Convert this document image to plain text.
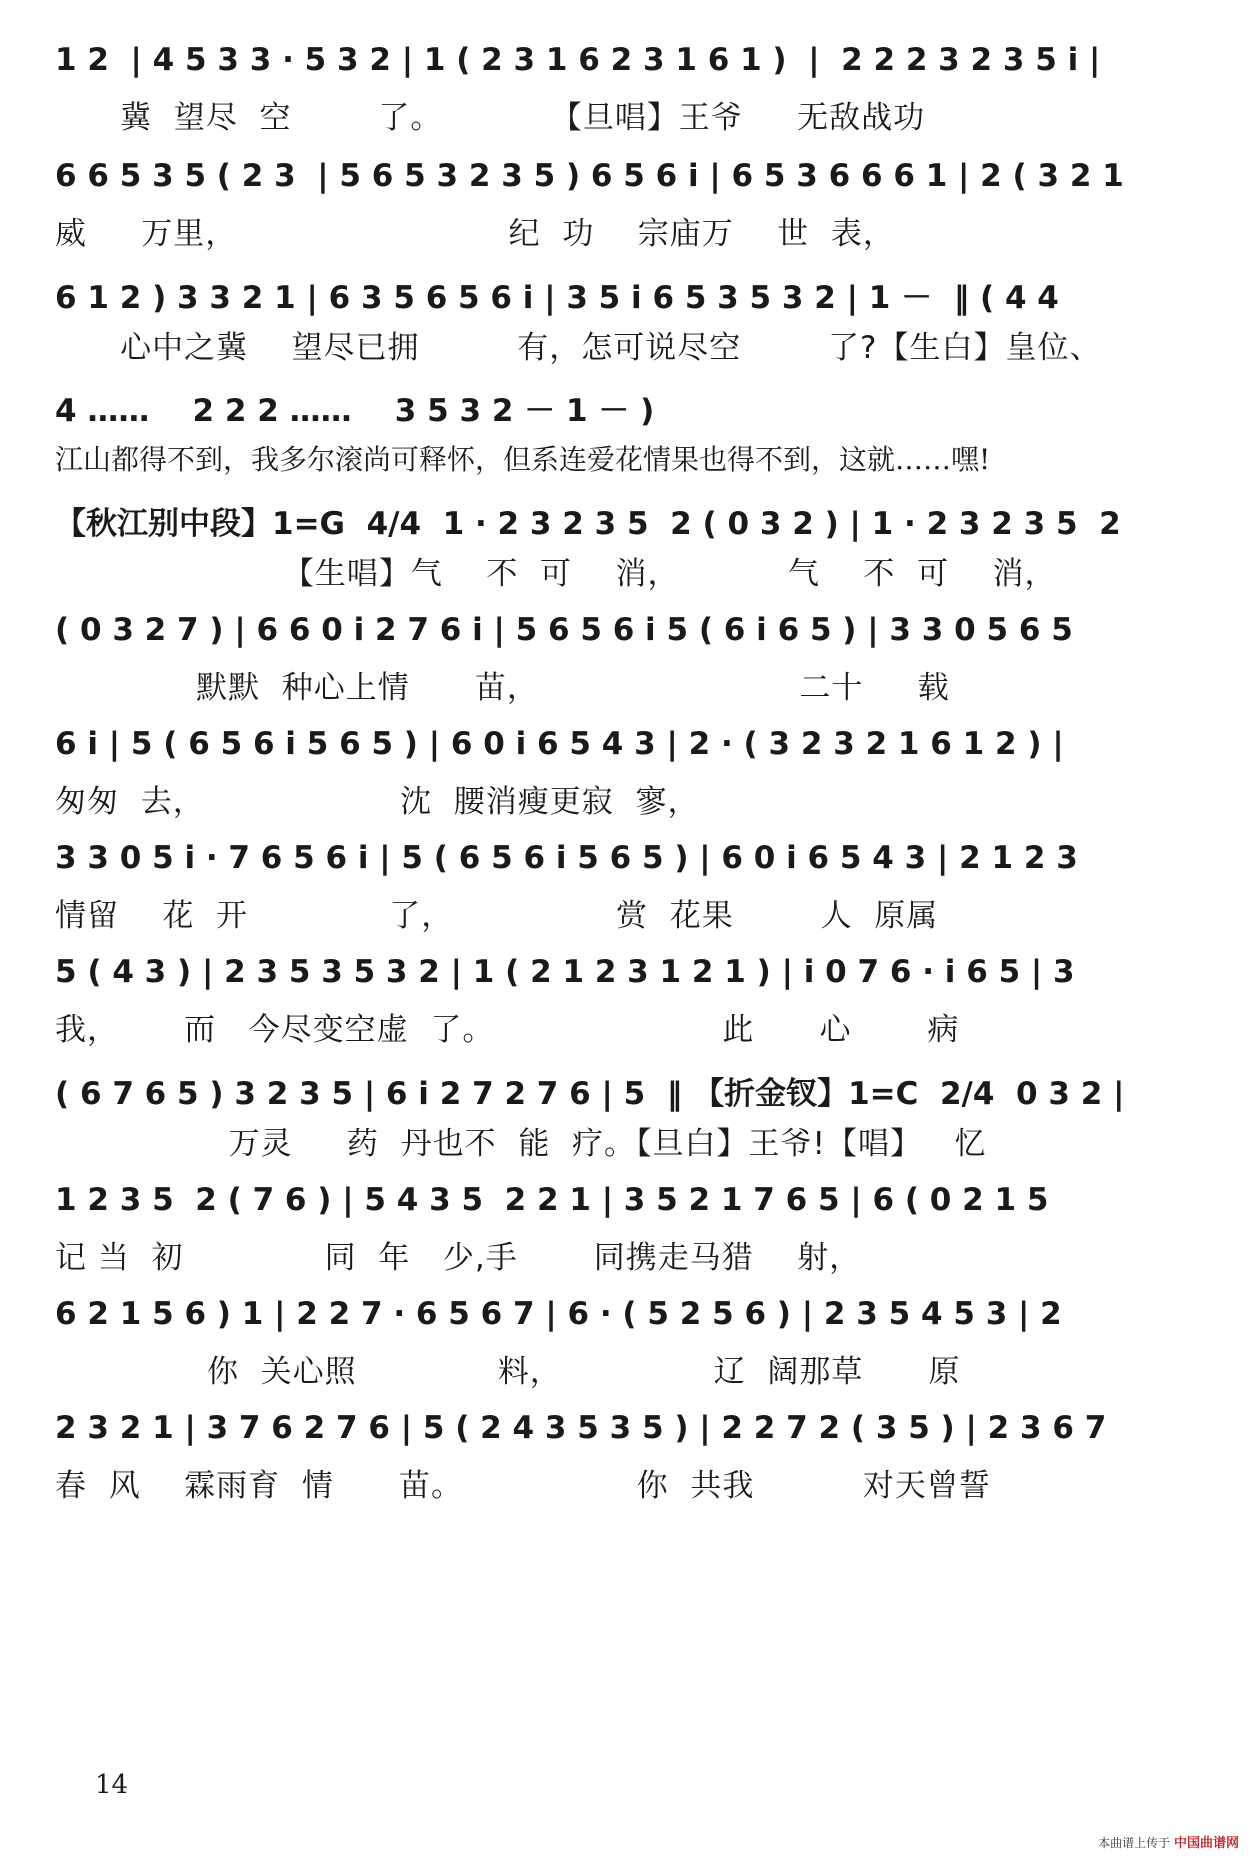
1 2  | 4 5 3 3 · 5 3 2 | 1 ( 2 3 1 6 2 3 1 6 1 )  |  2 2 2 3 2 3 5 i |
冀  望尽  空        了。          【旦唱】王爷     无敌战功
6 6 5 3 5 ( 2 3  | 5 6 5 3 2 3 5 ) 6 5 6 i | 6 5 3 6 6 6 1 | 2 ( 3 2 1
威     万里，                         纪  功    宗庙万    世  表，
6 1 2 ) 3 3 2 1 | 6 3 5 6 5 6 i | 3 5 i 6 5 3 5 3 2 | 1 －  ‖ ( 4 4
心中之冀    望尽已拥         有，怎可说尽空        了?【生白】皇位、
4 ……    2 2 2 ……    3 5 3 2 － 1 － )
江山都得不到，我多尔滚尚可释怀，但系连爱花情果也得不到，这就……嘿!
【秋江别中段】1=G  4/4  1 · 2 3 2 3 5  2 ( 0 3 2 ) | 1 · 2 3 2 3 5  2
【生唱】气    不  可    消，          气    不  可    消，
( 0 3 2 7 ) | 6 6 0 i 2 7 6 i | 5 6 5 6 i 5 ( 6 i 6 5 ) | 3 3 0 5 6 5
默默  种心上情      苗，                        二十     载
6 i | 5 ( 6 5 6 i 5 6 5 ) | 6 0 i 6 5 4 3 | 2 · ( 3 2 3 2 1 6 1 2 ) |
匆匆  去，                  沈  腰消瘦更寂  寥，
3 3 0 5 i · 7 6 5 6 i | 5 ( 6 5 6 i 5 6 5 ) | 6 0 i 6 5 4 3 | 2 1 2 3
情留    花  开             了，               赏  花果        人  原属
5 ( 4 3 ) | 2 3 5 3 5 3 2 | 1 ( 2 1 2 3 1 2 1 ) | i 0 7 6 · i 6 5 | 3
我，      而   今尽变空虚  了。                     此      心       病
( 6 7 6 5 ) 3 2 3 5 | 6 i 2 7 2 7 6 | 5  ‖ 【折金钗】1=C  2/4  0 3 2 |
万灵     药  丹也不  能  疗。【旦白】王爷!【唱】   忆
1 2 3 5  2 ( 7 6 ) | 5 4 3 5  2 2 1 | 3 5 2 1 7 6 5 | 6 ( 0 2 1 5
记 当  初             同  年   少,手       同携走马猎    射，
6 2 1 5 6 ) 1 | 2 2 7 · 6 5 6 7 | 6 · ( 5 2 5 6 ) | 2 3 5 4 5 3 | 2
你  关心照             料，              辽  阔那草      原
2 3 2 1 | 3 7 6 2 7 6 | 5 ( 2 4 3 5 3 5 ) | 2 2 7 2 ( 3 5 ) | 2 3 6 7
春  风    霖雨育  情      苗。                你  共我          对天曾誓
14
本曲谱上传于 中国曲谱网
